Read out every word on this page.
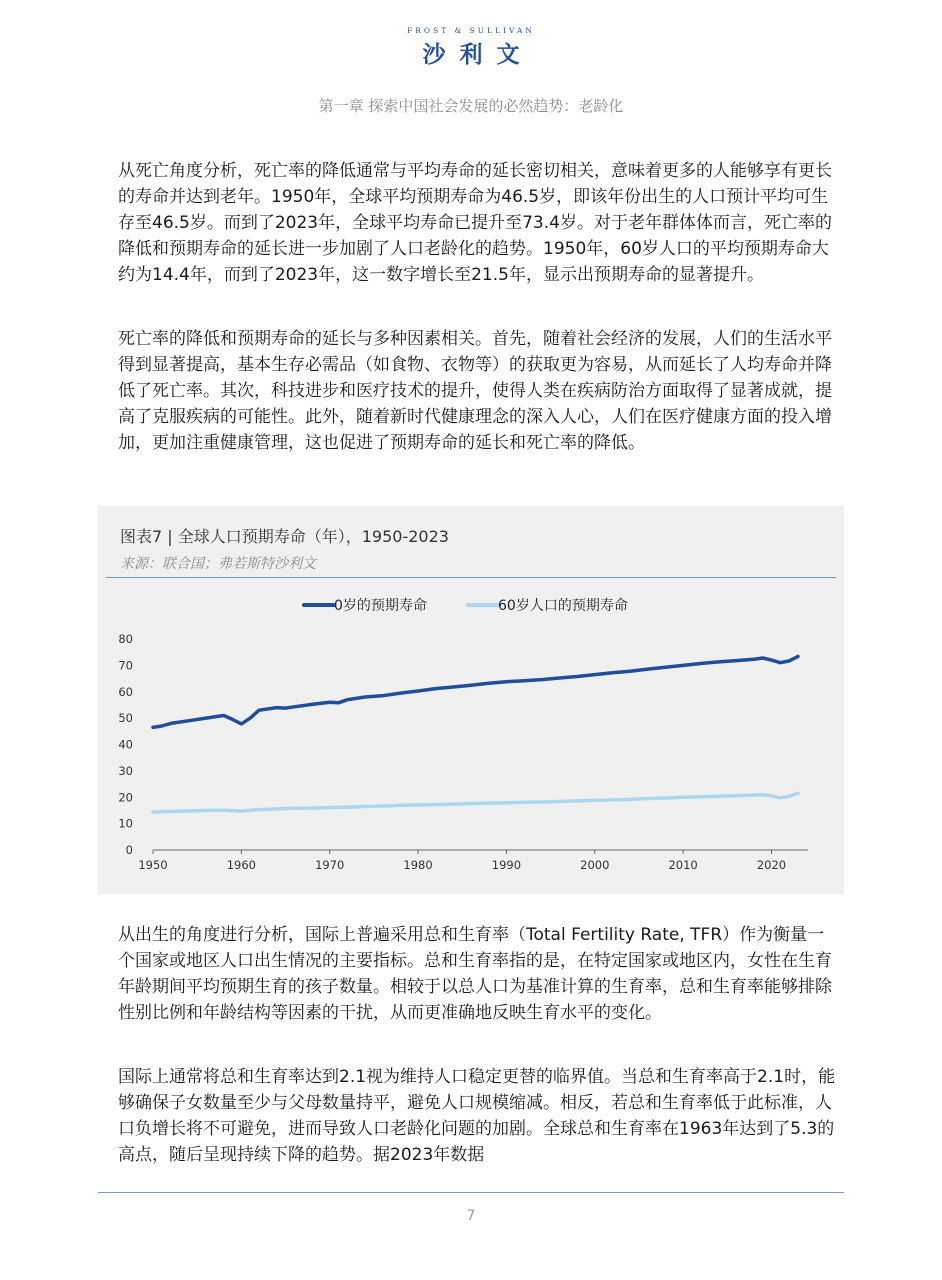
FROST & SULLIVAN
沙利文
第一章 探索中国社会发展的必然趋势：老龄化

从死亡角度分析，死亡率的降低通常与平均寿命的延长密切相关，意味着更多的人能够享有更长的寿命并达到老年。1950年，全球平均预期寿命为46.5岁，即该年份出生的人口预计平均可生存至46.5岁。而到了2023年，全球平均寿命已提升至73.4岁。对于老年群体体而言，死亡率的降低和预期寿命的延长进一步加剧了人口老龄化的趋势。1950年，60岁人口的平均预期寿命大约为14.4年，而到了2023年，这一数字增长至21.5年，显示出预期寿命的显著提升。

死亡率的降低和预期寿命的延长与多种因素相关。首先，随着社会经济的发展，人们的生活水平得到显著提高，基本生存必需品（如食物、衣物等）的获取更为容易，从而延长了人均寿命并降低了死亡率。其次，科技进步和医疗技术的提升，使得人类在疾病防治方面取得了显著成就，提高了克服疾病的可能性。此外，随着新时代健康理念的深入人心，人们在医疗健康方面的投入增加，更加注重健康管理，这也促进了预期寿命的延长和死亡率的降低。

图表7 | 全球人口预期寿命（年），1950-2023
来源：联合国；弗若斯特沙利文
0
10
20
30
40
50
60
70
80
1950	1960	1970	1980	1990	2000	2010	2020
0岁的预期寿命	60岁人口的预期寿命

从出生的角度进行分析，国际上普遍采用总和生育率（Total Fertility Rate, TFR）作为衡量一个国家或地区人口出生情况的主要指标。总和生育率指的是，在特定国家或地区内，女性在生育年龄期间平均预期生育的孩子数量。相较于以总人口为基准计算的生育率，总和生育率能够排除性别比例和年龄结构等因素的干扰，从而更准确地反映生育水平的变化。

国际上通常将总和生育率达到2.1视为维持人口稳定更替的临界值。当总和生育率高于2.1时，能够确保子女数量至少与父母数量持平，避免人口规模缩减。相反，若总和生育率低于此标准，人口负增长将不可避免，进而导致人口老龄化问题的加剧。全球总和生育率在1963年达到了5.3的高点，随后呈现持续下降的趋势。据2023年数据

7
